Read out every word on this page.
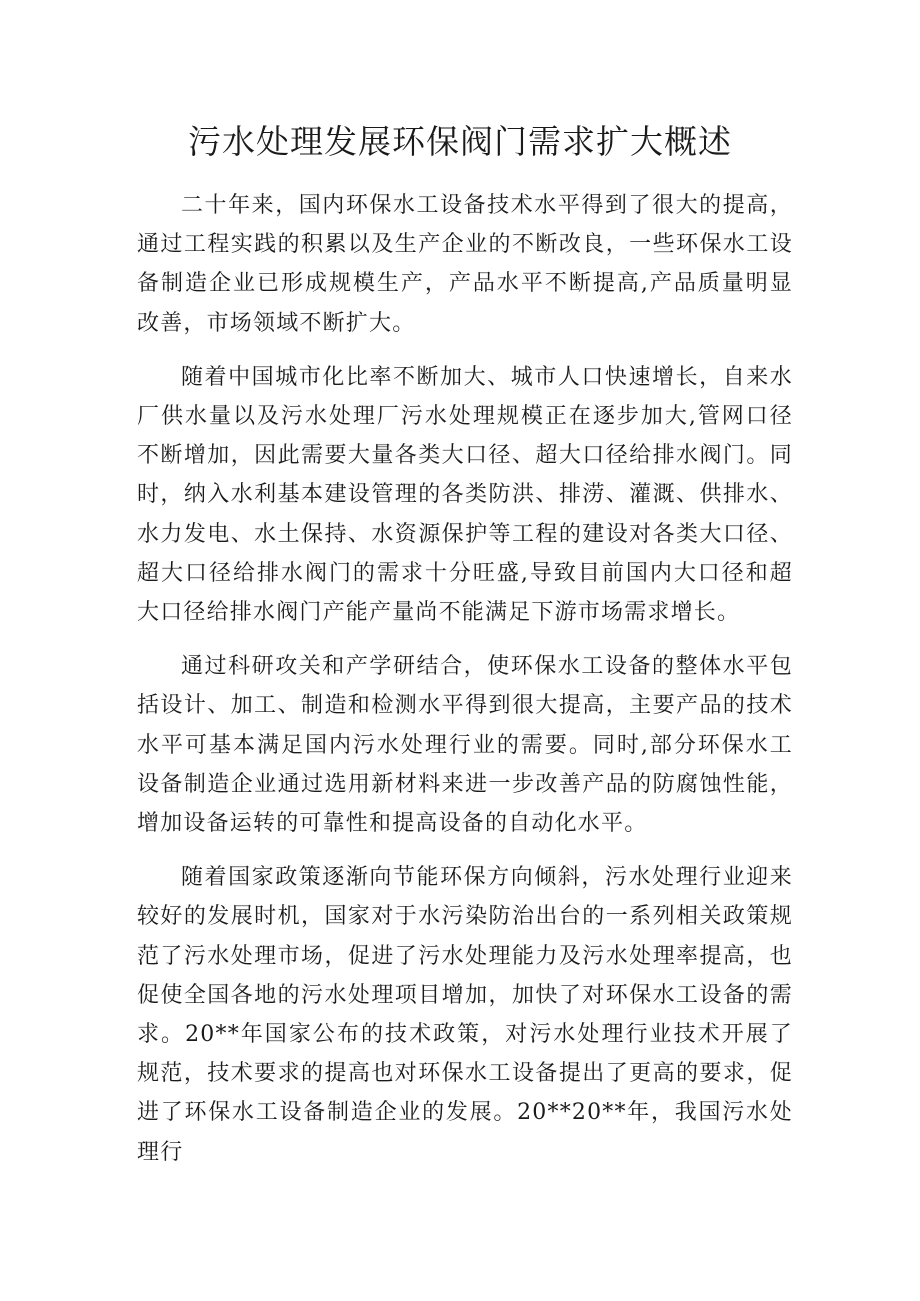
污水处理发展环保阀门需求扩大概述

二十年来，国内环保水工设备技术水平得到了很大的提高，通过工程实践的积累以及生产企业的不断改良，一些环保水工设备制造企业已形成规模生产，产品水平不断提高,产品质量明显改善，市场领域不断扩大。

随着中国城市化比率不断加大、城市人口快速增长，自来水厂供水量以及污水处理厂污水处理规模正在逐步加大,管网口径不断增加，因此需要大量各类大口径、超大口径给排水阀门。同时，纳入水利基本建设管理的各类防洪、排涝、灌溉、供排水、水力发电、水土保持、水资源保护等工程的建设对各类大口径、超大口径给排水阀门的需求十分旺盛,导致目前国内大口径和超大口径给排水阀门产能产量尚不能满足下游市场需求增长。

通过科研攻关和产学研结合，使环保水工设备的整体水平包括设计、加工、制造和检测水平得到很大提高，主要产品的技术水平可基本满足国内污水处理行业的需要。同时,部分环保水工设备制造企业通过选用新材料来进一步改善产品的防腐蚀性能，增加设备运转的可靠性和提高设备的自动化水平。

随着国家政策逐渐向节能环保方向倾斜，污水处理行业迎来较好的发展时机，国家对于水污染防治出台的一系列相关政策规范了污水处理市场，促进了污水处理能力及污水处理率提高，也促使全国各地的污水处理项目增加，加快了对环保水工设备的需求。20**年国家公布的技术政策，对污水处理行业技术开展了规范，技术要求的提高也对环保水工设备提出了更高的要求，促进了环保水工设备制造企业的发展。20**20**年，我国污水处理行
